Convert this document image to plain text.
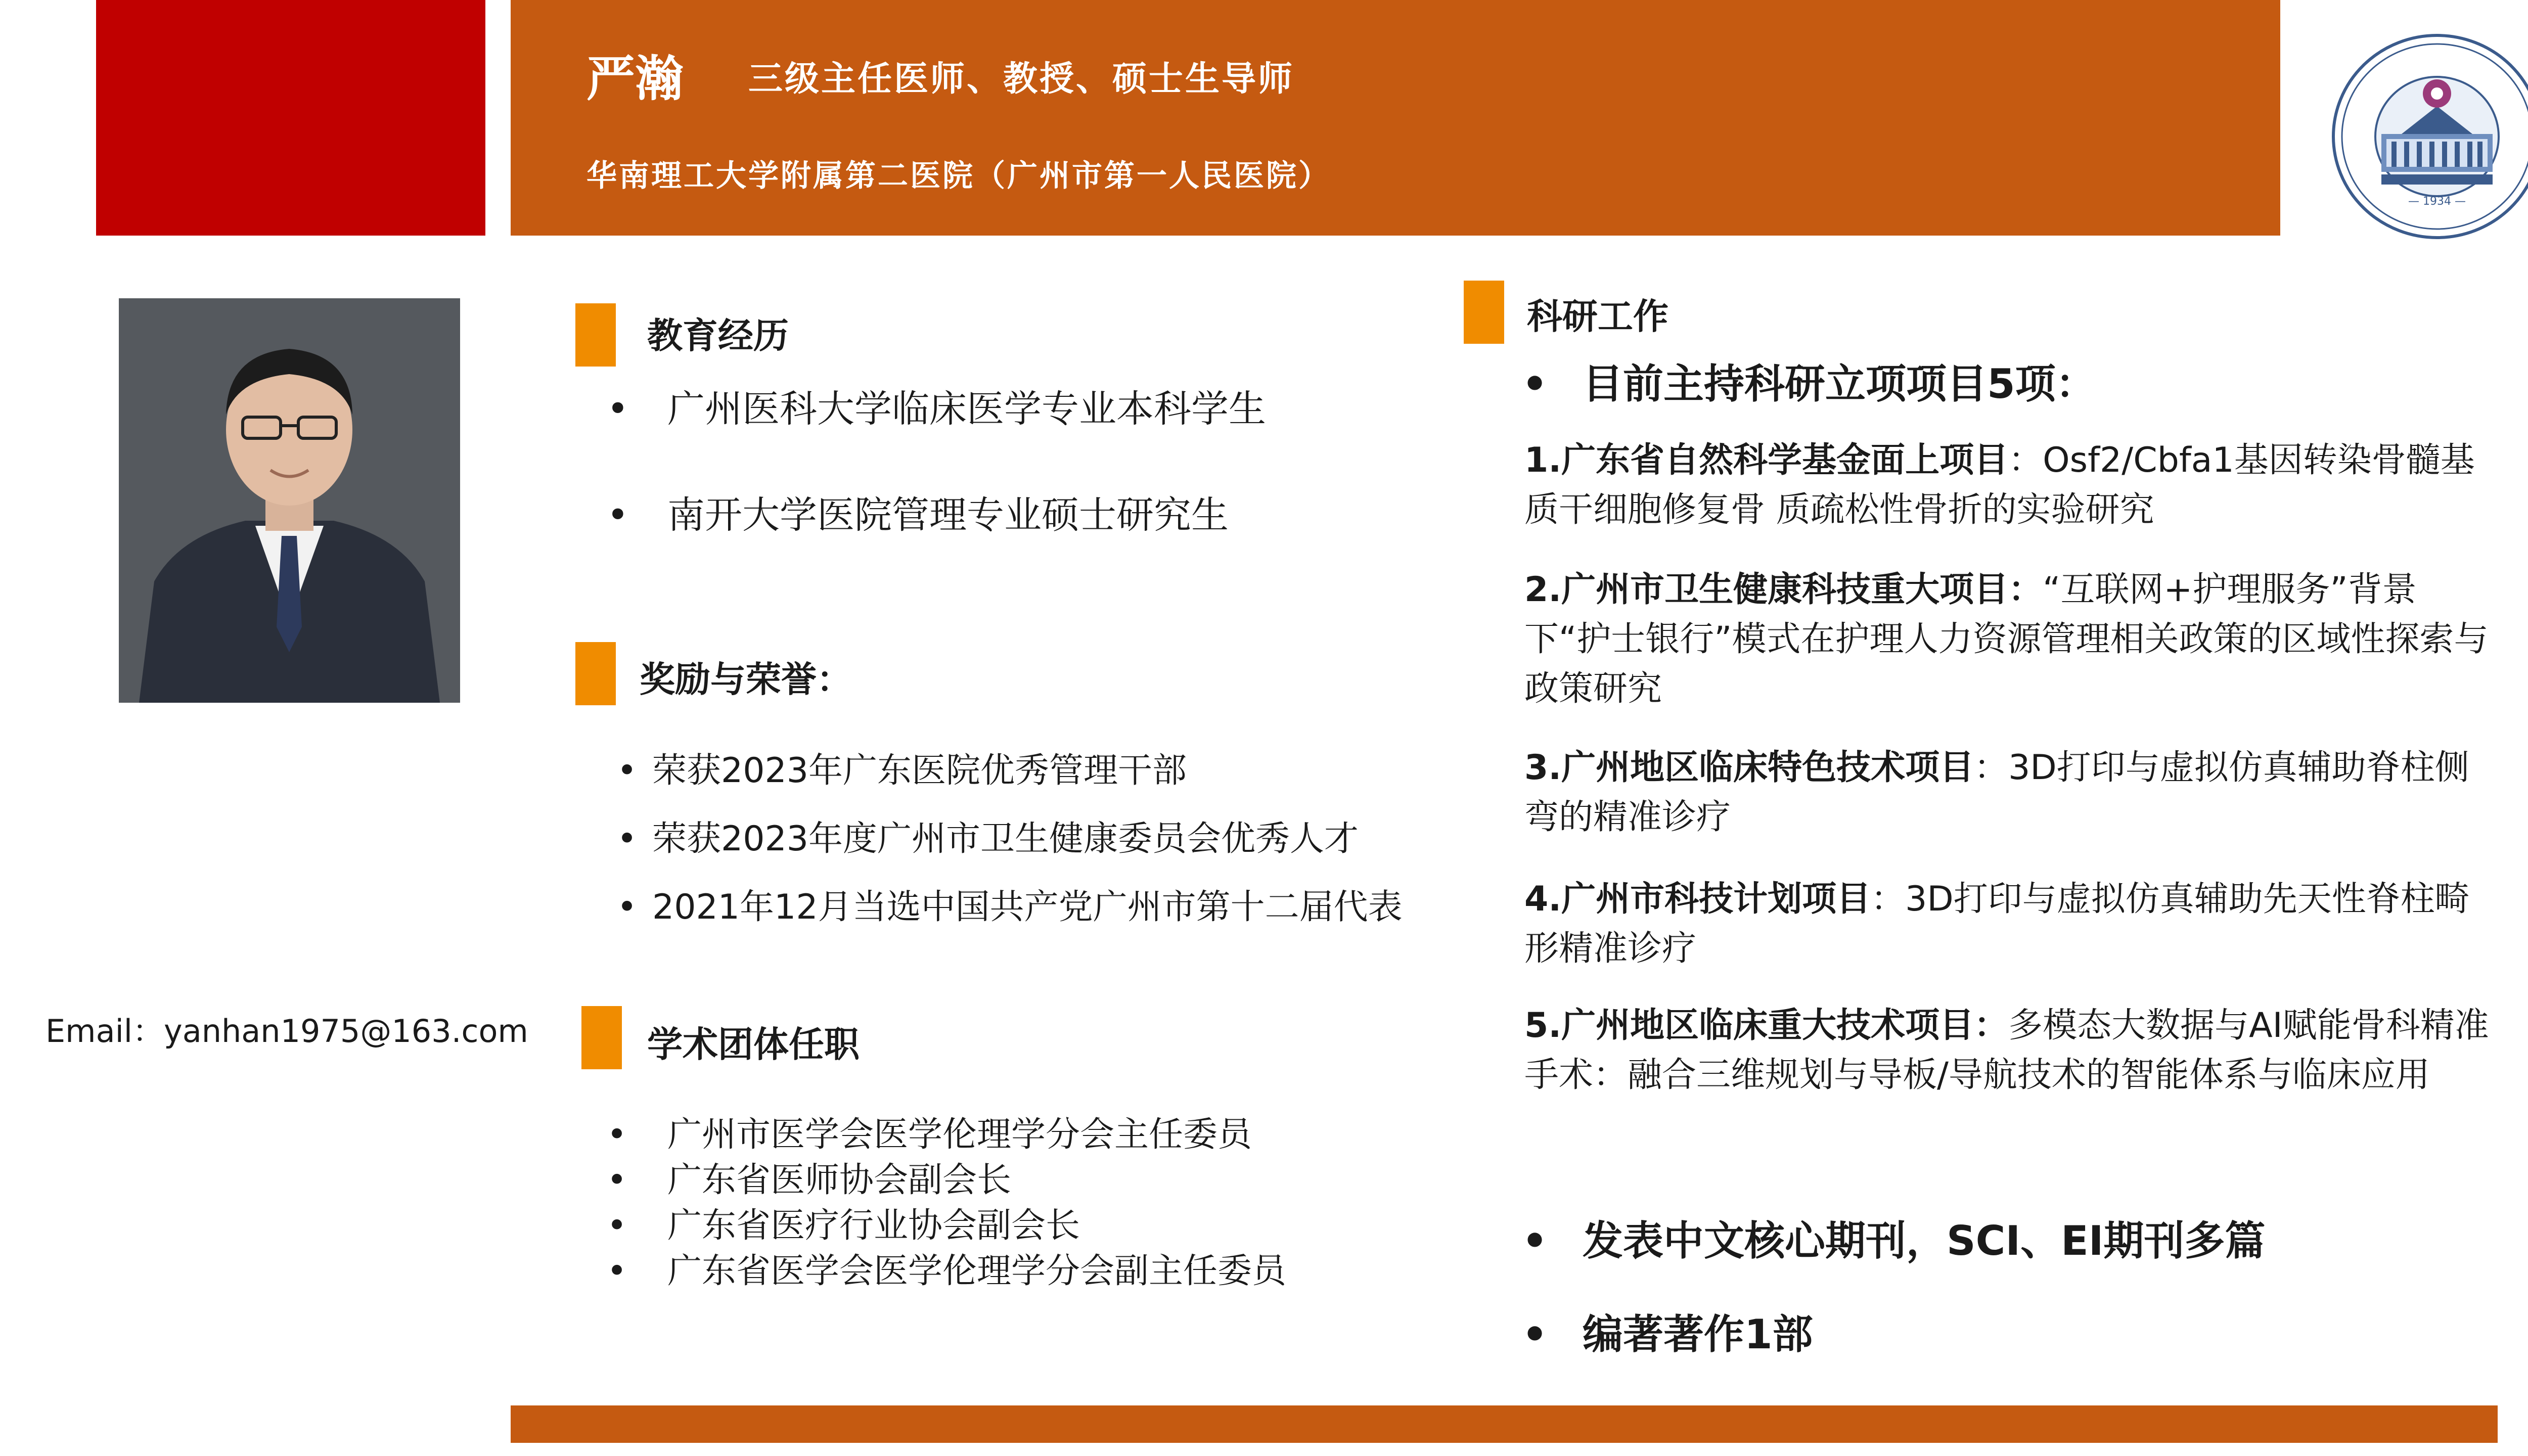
严瀚 三级主任医师、教授、硕士生导师
华南理工大学附属第二医院（广州市第一人民医院）
— 1934 —
Email：yanhan1975@163.com
教育经历
• 广州医科大学临床医学专业本科学生
• 南开大学医院管理专业硕士研究生
奖励与荣誉：
• 荣获2023年广东医院优秀管理干部
• 荣获2023年度广州市卫生健康委员会优秀人才
• 2021年12月当选中国共产党广州市第十二届代表
学术团体任职
• 广州市医学会医学伦理学分会主任委员
• 广东省医师协会副会长
• 广东省医疗行业协会副会长
• 广东省医学会医学伦理学分会副主任委员
科研工作
• 目前主持科研立项项目5项：
1.广东省自然科学基金面上项目：Osf2/Cbfa1基因转染骨髓基质干细胞修复骨 质疏松性骨折的实验研究
2.广州市卫生健康科技重大项目：“互联网+护理服务”背景下“护士银行”模式在护理人力资源管理相关政策的区域性探索与政策研究
3.广州地区临床特色技术项目：3D打印与虚拟仿真辅助脊柱侧弯的精准诊疗
4.广州市科技计划项目：3D打印与虚拟仿真辅助先天性脊柱畸形精准诊疗
5.广州地区临床重大技术项目：多模态大数据与AI赋能骨科精准手术：融合三维规划与导板/导航技术的智能体系与临床应用
• 发表中文核心期刊，SCI、EI期刊多篇
• 编著著作1部
